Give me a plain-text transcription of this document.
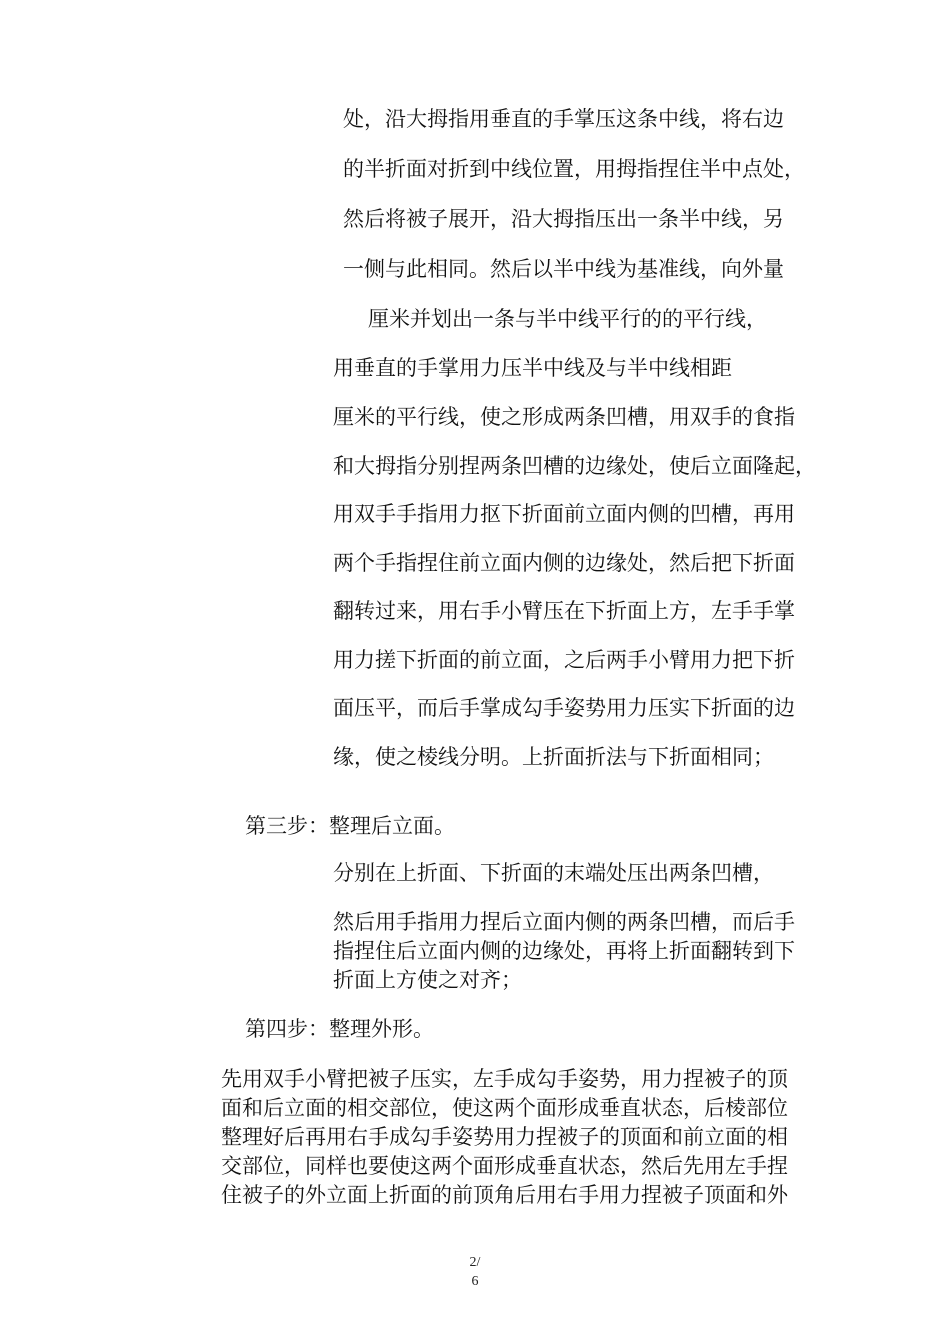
处，沿大拇指用垂直的手掌压这条中线，将右边
的半折面对折到中线位置，用拇指捏住半中点处，
然后将被子展开，沿大拇指压出一条半中线，另
一侧与此相同。然后以半中线为基准线，向外量
厘米并划出一条与半中线平行的的平行线，
用垂直的手掌用力压半中线及与半中线相距
厘米的平行线，使之形成两条凹槽，用双手的食指
和大拇指分别捏两条凹槽的边缘处，使后立面隆起，
用双手手指用力抠下折面前立面内侧的凹槽，再用
两个手指捏住前立面内侧的边缘处，然后把下折面
翻转过来，用右手小臂压在下折面上方，左手手掌
用力搓下折面的前立面，之后两手小臂用力把下折
面压平，而后手掌成勾手姿势用力压实下折面的边
缘，使之棱线分明。上折面折法与下折面相同；
第三步：整理后立面。
分别在上折面、下折面的末端处压出两条凹槽，
然后用手指用力捏后立面内侧的两条凹槽，而后手
指捏住后立面内侧的边缘处，再将上折面翻转到下
折面上方使之对齐；
第四步：整理外形。
先用双手小臂把被子压实，左手成勾手姿势，用力捏被子的顶
面和后立面的相交部位，使这两个面形成垂直状态，后棱部位
整理好后再用右手成勾手姿势用力捏被子的顶面和前立面的相
交部位，同样也要使这两个面形成垂直状态，然后先用左手捏
住被子的外立面上折面的前顶角后用右手用力捏被子顶面和外
2/
6
